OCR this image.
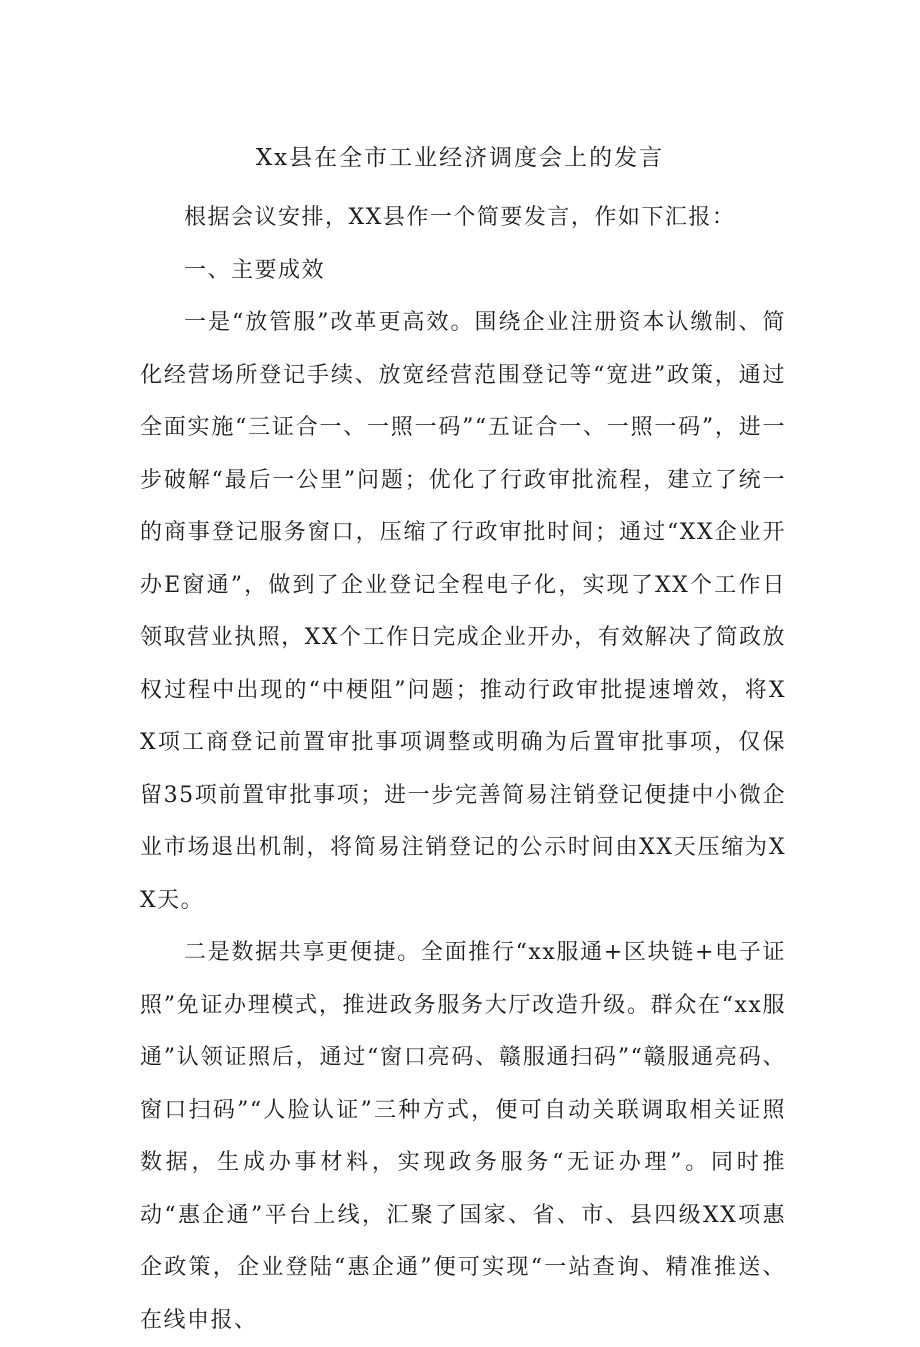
Xx县在全市工业经济调度会上的发言

根据会议安排，XX县作一个简要发言，作如下汇报：

一、主要成效

一是“放管服”改革更高效。围绕企业注册资本认缴制、简化经营场所登记手续、放宽经营范围登记等“宽进”政策，通过全面实施“三证合一、一照一码”“五证合一、一照一码”，进一步破解“最后一公里”问题；优化了行政审批流程，建立了统一的商事登记服务窗口，压缩了行政审批时间；通过“XX企业开办E窗通”，做到了企业登记全程电子化，实现了XX个工作日领取营业执照，XX个工作日完成企业开办，有效解决了简政放权过程中出现的“中梗阻”问题；推动行政审批提速增效，将XX项工商登记前置审批事项调整或明确为后置审批事项，仅保留35项前置审批事项；进一步完善简易注销登记便捷中小微企业市场退出机制，将简易注销登记的公示时间由XX天压缩为XX天。

二是数据共享更便捷。全面推行“xx服通+区块链+电子证照”免证办理模式，推进政务服务大厅改造升级。群众在“xx服通”认领证照后，通过“窗口亮码、赣服通扫码”“赣服通亮码、窗口扫码”“人脸认证”三种方式，便可自动关联调取相关证照数据，生成办事材料，实现政务服务“无证办理”。同时推动“惠企通”平台上线，汇聚了国家、省、市、县四级XX项惠企政策，企业登陆“惠企通”便可实现“一站查询、精准推送、在线申报、
